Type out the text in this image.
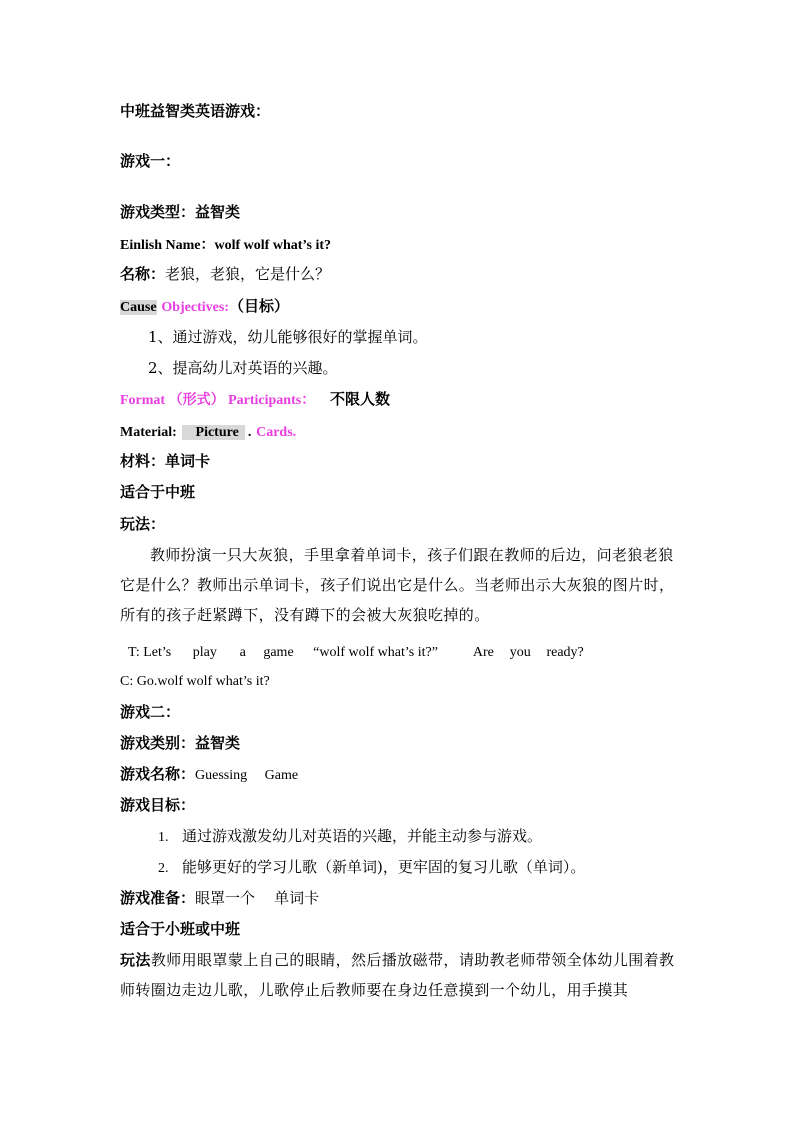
中班益智类英语游戏：
游戏一：
游戏类型：益智类
Einlish Name：wolf wolf what’s it?
名称：老狼，老狼，它是什么？
Cause Objectives:（目标）
1、通过游戏，幼儿能够很好的掌握单词。
2、提高幼儿对英语的兴趣。
Format （形式） Participants： 不限人数
Material: Picture . Cards.
材料：单词卡
适合于中班
玩法：
教师扮演一只大灰狼，手里拿着单词卡，孩子们跟在教师的后边，问老狼老狼它是什么？教师出示单词卡，孩子们说出它是什么。当老师出示大灰狼的图片时，所有的孩子赶紧蹲下，没有蹲下的会被大灰狼吃掉的。
T: Let’s play a game “wolf wolf what’s it?” Are you ready?
C: Go.wolf wolf what’s it?
游戏二：
游戏类别：益智类
游戏名称：Guessing     Game
游戏目标：
1. 通过游戏激发幼儿对英语的兴趣，并能主动参与游戏。
2. 能够更好的学习儿歌（新单词)，更牢固的复习儿歌（单词）。
游戏准备：眼罩一个    单词卡
适合于小班或中班
玩法教师用眼罩蒙上自己的眼睛，然后播放磁带，请助教老师带领全体幼儿围着教师转圈边走边儿歌，儿歌停止后教师要在身边任意摸到一个幼儿，用手摸其
